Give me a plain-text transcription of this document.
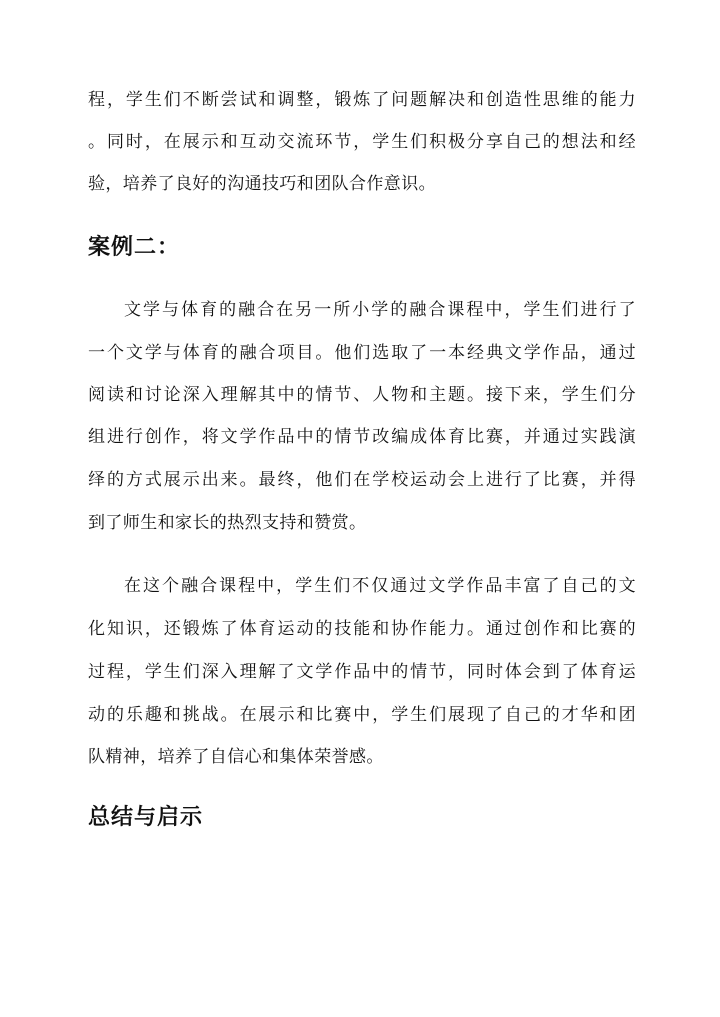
程，学生们不断尝试和调整，锻炼了问题解决和创造性思维的能力
。同时，在展示和互动交流环节，学生们积极分享自己的想法和经
验，培养了良好的沟通技巧和团队合作意识。
案例二：
文学与体育的融合在另一所小学的融合课程中，学生们进行了
一个文学与体育的融合项目。他们选取了一本经典文学作品，通过
阅读和讨论深入理解其中的情节、人物和主题。接下来，学生们分
组进行创作，将文学作品中的情节改编成体育比赛，并通过实践演
绎的方式展示出来。最终，他们在学校运动会上进行了比赛，并得
到了师生和家长的热烈支持和赞赏。
在这个融合课程中，学生们不仅通过文学作品丰富了自己的文
化知识，还锻炼了体育运动的技能和协作能力。通过创作和比赛的
过程，学生们深入理解了文学作品中的情节，同时体会到了体育运
动的乐趣和挑战。在展示和比赛中，学生们展现了自己的才华和团
队精神，培养了自信心和集体荣誉感。
总结与启示
